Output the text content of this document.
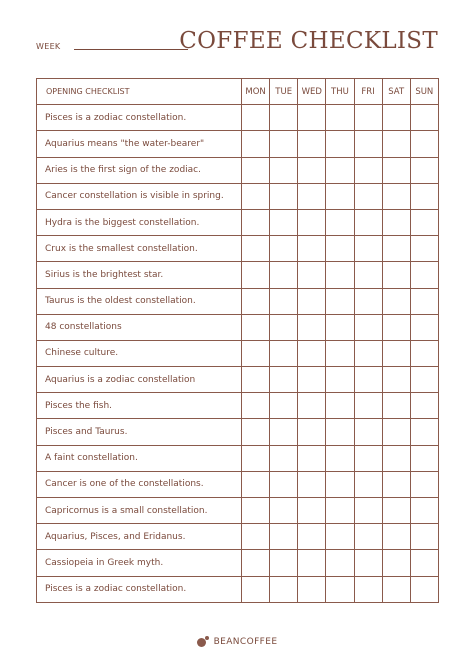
WEEK	COFFEE CHECKLIST
OPENING CHECKLIST	MON	TUE	WED	THU	FRI	SAT	SUN
Pisces is a zodiac constellation.							
Aquarius means "the water-bearer"							
Aries is the first sign of the zodiac.							
Cancer constellation is visible in spring.							
Hydra is the biggest constellation.							
Crux is the smallest constellation.							
Sirius is the brightest star.							
Taurus is the oldest constellation.							
48 constellations							
Chinese culture.							
Aquarius is a zodiac constellation							
Pisces the fish.							
Pisces and Taurus.							
A faint constellation.							
Cancer is one of the constellations.							
Capricornus is a small constellation.							
Aquarius, Pisces, and Eridanus.							
Cassiopeia in Greek myth.							
Pisces is a zodiac constellation.							
BEANCOFFEE
